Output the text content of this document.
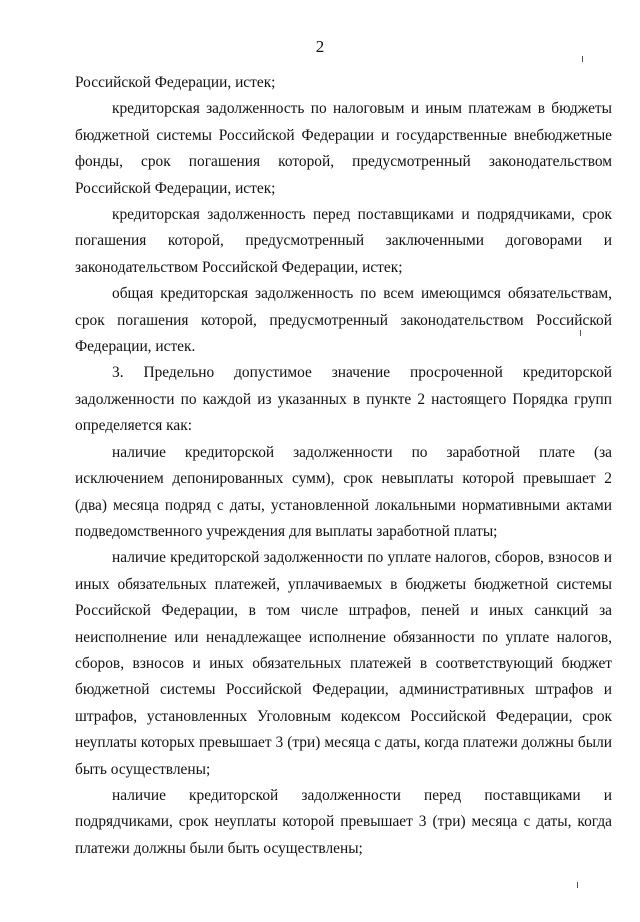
2

Российской Федерации, истек;

кредиторская задолженность по налоговым и иным платежам в бюджеты бюджетной системы Российской Федерации и государственные внебюджетные фонды, срок погашения которой, предусмотренный законодательством Российской Федерации, истек;

кредиторская задолженность перед поставщиками и подрядчиками, срок погашения которой, предусмотренный заключенными договорами и законодательством Российской Федерации, истек;

общая кредиторская задолженность по всем имеющимся обязательствам, срок погашения которой, предусмотренный законодательством Российской Федерации, истек.

3. Предельно допустимое значение просроченной кредиторской задолженности по каждой из указанных в пункте 2 настоящего Порядка групп определяется как:

наличие кредиторской задолженности по заработной плате (за исключением депонированных сумм), срок невыплаты которой превышает 2 (два) месяца подряд с даты, установленной локальными нормативными актами подведомственного учреждения для выплаты заработной платы;

наличие кредиторской задолженности по уплате налогов, сборов, взносов и иных обязательных платежей, уплачиваемых в бюджеты бюджетной системы Российской Федерации, в том числе штрафов, пеней и иных санкций за неисполнение или ненадлежащее исполнение обязанности по уплате налогов, сборов, взносов и иных обязательных платежей в соответствующий бюджет бюджетной системы Российской Федерации, административных штрафов и штрафов, установленных Уголовным кодексом Российской Федерации, срок неуплаты которых превышает 3 (три) месяца с даты, когда платежи должны были быть осуществлены;

наличие кредиторской задолженности перед поставщиками и подрядчиками, срок неуплаты которой превышает 3 (три) месяца с даты, когда платежи должны были быть осуществлены;
